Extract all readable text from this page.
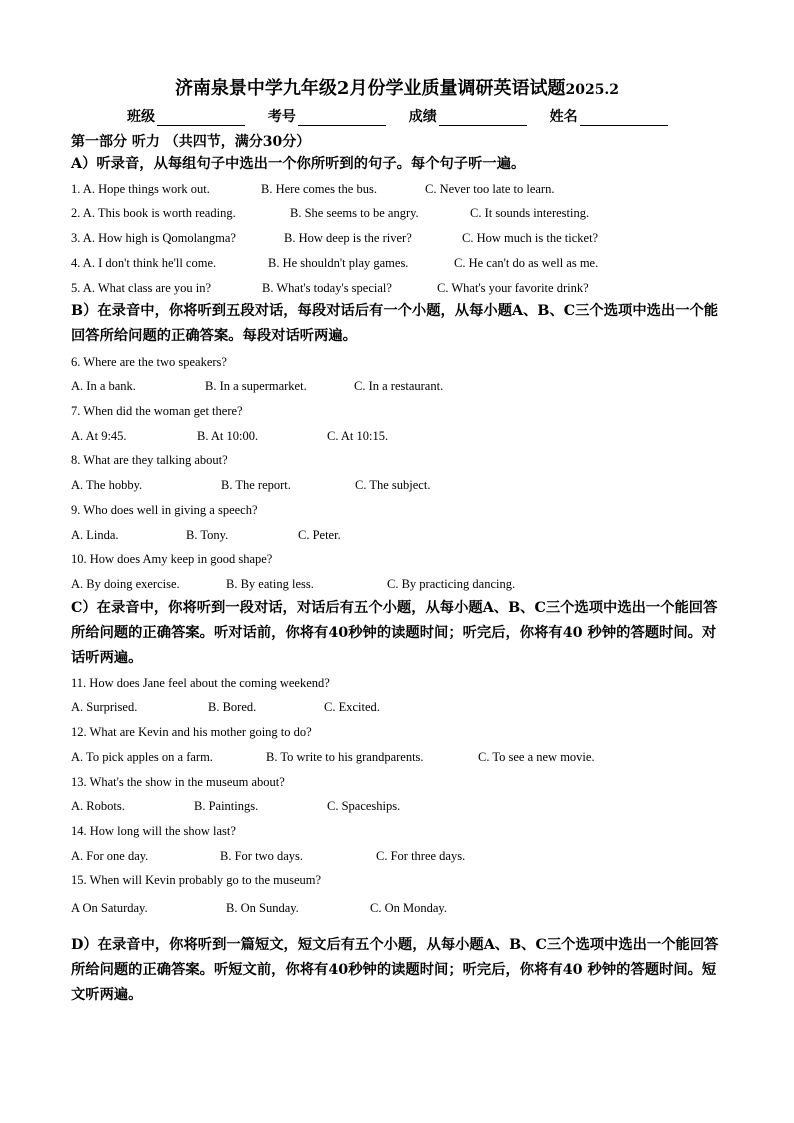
济南泉景中学九年级2月份学业质量调研英语试题2025.2
班级	考号	成绩	姓名
第一部分 听力 （共四节，满分30分）
A）听录音，从每组句子中选出一个你所听到的句子。每个句子听一遍。
1. A. Hope things work out.	B. Here comes the bus.	C. Never too late to learn.
2. A. This book is worth reading.	B. She seems to be angry.	C. It sounds interesting.
3. A. How high is Qomolangma?	B. How deep is the river?	C. How much is the ticket?
4. A. I don't think he'll come.	B. He shouldn't play games.	C. He can't do as well as me.
5. A. What class are you in?	B. What's today's special?	C. What's your favorite drink?
B）在录音中，你将听到五段对话，每段对话后有一个小题，从每小题A、B、C三个选项中选出一个能回答所给问题的正确答案。每段对话听两遍。
6. Where are the two speakers?
A. In a bank.	B. In a supermarket.	C. In a restaurant.
7. When did the woman get there?
A. At 9:45.	B. At 10:00.	C. At 10:15.
8. What are they talking about?
A. The hobby.	B. The report.	C. The subject.
9. Who does well in giving a speech?
A. Linda.	B. Tony.	C. Peter.
10. How does Amy keep in good shape?
A. By doing exercise.	B. By eating less.	C. By practicing dancing.
C）在录音中，你将听到一段对话，对话后有五个小题，从每小题A、B、C三个选项中选出一个能回答所给问题的正确答案。听对话前，你将有40秒钟的读题时间；听完后，你将有40 秒钟的答题时间。对话听两遍。
11. How does Jane feel about the coming weekend?
A. Surprised.	B. Bored.	C. Excited.
12. What are Kevin and his mother going to do?
A. To pick apples on a farm.	B. To write to his grandparents.	C. To see a new movie.
13. What's the show in the museum about?
A. Robots.	B. Paintings.	C. Spaceships.
14. How long will the show last?
A. For one day.	B. For two days.	C. For three days.
15. When will Kevin probably go to the museum?
A On Saturday.	B. On Sunday.	C. On Monday.
D）在录音中，你将听到一篇短文，短文后有五个小题，从每小题A、B、C三个选项中选出一个能回答所给问题的正确答案。听短文前，你将有40秒钟的读题时间；听完后，你将有40 秒钟的答题时间。短文听两遍。
